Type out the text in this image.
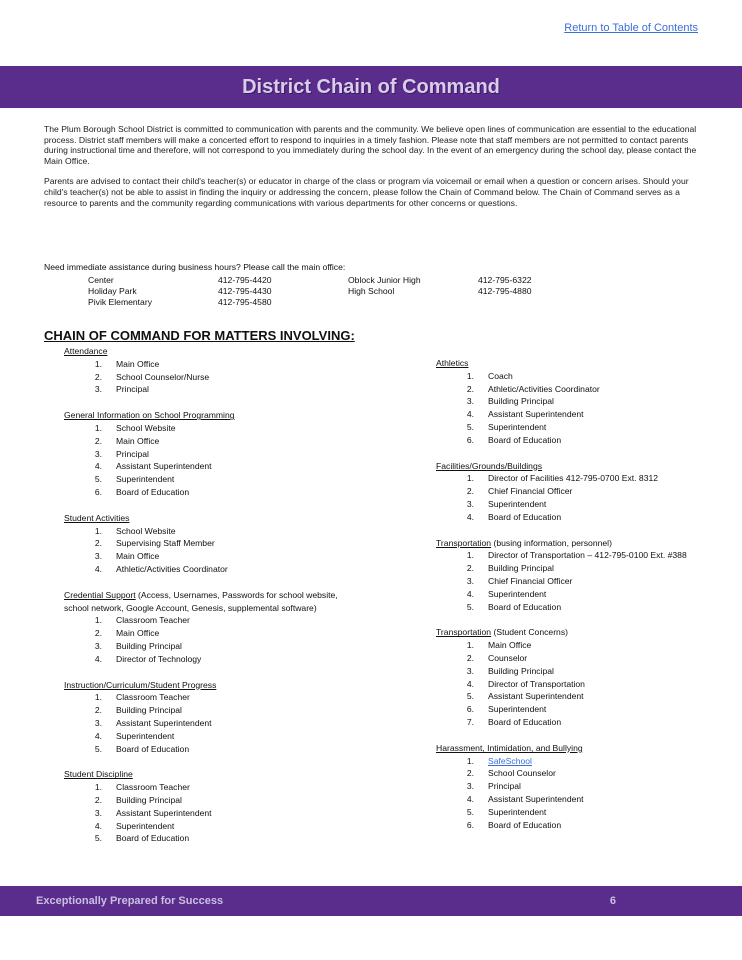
Return to Table of Contents
District Chain of Command

The Plum Borough School District is committed to communication with parents and the community. We believe open lines of communication are essential to the educational process. District staff members will make a concerted effort to respond to inquiries in a timely fashion. Please note that staff members are not permitted to contact parents during instructional time and therefore, will not correspond to you immediately during the school day. In the event of an emergency during the school day, please contact the Main Office.

Parents are advised to contact their child's teacher(s) or educator in charge of the class or program via voicemail or email when a question or concern arises. Should your child's teacher(s) not be able to assist in finding the inquiry or addressing the concern, please follow the Chain of Command below. The Chain of Command serves as a resource to parents and the community regarding communications with various departments for other concerns or questions.

Need immediate assistance during business hours? Please call the main office:
Center	412-795-4420	Oblock Junior High	412-795-6322
Holiday Park	412-795-4430	High School	412-795-4880
Pivik Elementary	412-795-4580
CHAIN OF COMMAND FOR MATTERS INVOLVING:
Attendance
1.	Main Office
2.	School Counselor/Nurse
3.	Principal
General Information on School Programming
1.	School Website
2.	Main Office
3.	Principal
4.	Assistant Superintendent
5.	Superintendent
6.	Board of Education
Student Activities
1.	School Website
2.	Supervising Staff Member
3.	Main Office
4.	Athletic/Activities Coordinator
Credential Support (Access, Usernames, Passwords for school website, school network, Google Account, Genesis, supplemental software)
1.	Classroom Teacher
2.	Main Office
3.	Building Principal
4.	Director of Technology
Instruction/Curriculum/Student Progress
1.	Classroom Teacher
2.	Building Principal
3.	Assistant Superintendent
4.	Superintendent
5.	Board of Education
Student Discipline
1.	Classroom Teacher
2.	Building Principal
3.	Assistant Superintendent
4.	Superintendent
5.	Board of Education
Athletics
1.	Coach
2.	Athletic/Activities Coordinator
3.	Building Principal
4.	Assistant Superintendent
5.	Superintendent
6.	Board of Education
Facilities/Grounds/Buildings
1.	Director of Facilities 412-795-0700 Ext. 8312
2.	Chief Financial Officer
3.	Superintendent
4.	Board of Education
Transportation (busing information, personnel)
1.	Director of Transportation – 412-795-0100 Ext. #388
2.	Building Principal
3.	Chief Financial Officer
4.	Superintendent
5.	Board of Education
Transportation (Student Concerns)
1.	Main Office
2.	Counselor
3.	Building Principal
4.	Director of Transportation
5.	Assistant Superintendent
6.	Superintendent
7.	Board of Education
Harassment, Intimidation, and Bullying
1.	SafeSchool
2.	School Counselor
3.	Principal
4.	Assistant Superintendent
5.	Superintendent
6.	Board of Education
Exceptionally Prepared for Success	6
